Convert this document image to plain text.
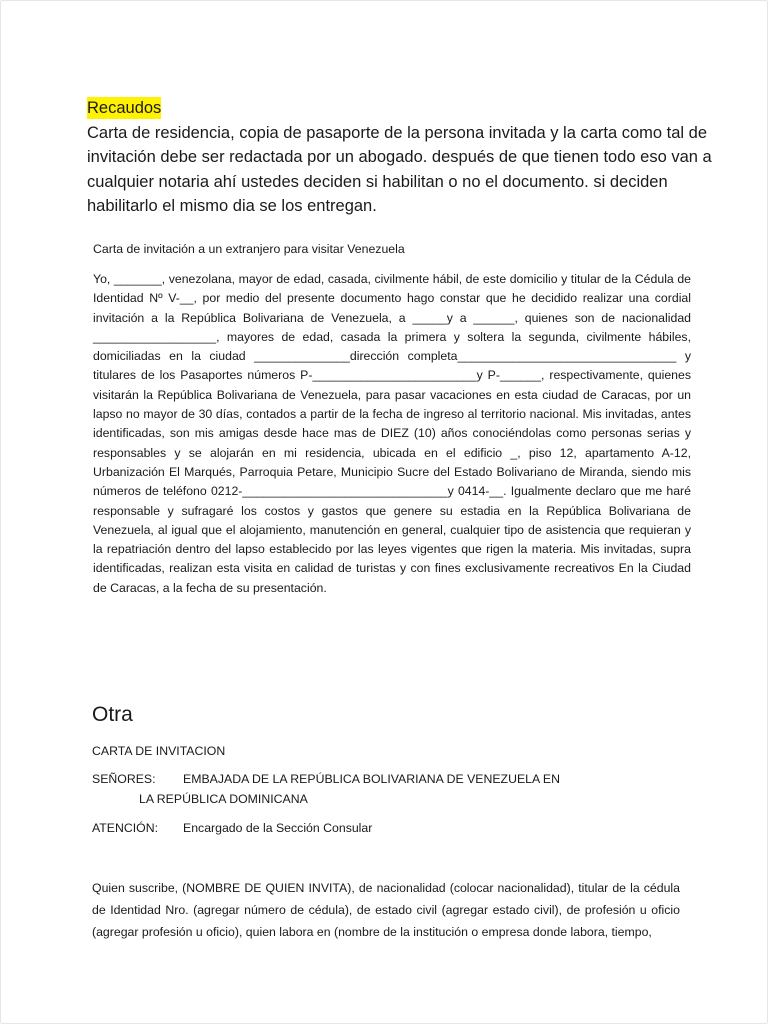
Recaudos

Carta de residencia, copia de pasaporte de la persona invitada y la carta como tal de invitación debe ser redactada por un abogado. después de que tienen todo eso van a cualquier notaria ahí ustedes deciden si habilitan o no el documento. si deciden habilitarlo el mismo dia se los entregan.

Carta de invitación a un extranjero para visitar Venezuela

Yo, _______, venezolana, mayor de edad, casada, civilmente hábil, de este domicilio y titular de la Cédula de Identidad Nº V-__, por medio del presente documento hago constar que he decidido realizar una cordial invitación a la República Bolivariana de Venezuela, a _____y a ______, quienes son de nacionalidad __________________, mayores de edad, casada la primera y soltera la segunda, civilmente hábiles, domiciliadas en la ciudad ______________dirección completa________________________________ y titulares de los Pasaportes números P-________________________y P-______, respectivamente, quienes visitarán la República Bolivariana de Venezuela, para pasar vacaciones en esta ciudad de Caracas, por un lapso no mayor de 30 días, contados a partir de la fecha de ingreso al territorio nacional. Mis invitadas, antes identificadas, son mis amigas desde hace mas de DIEZ (10) años conociéndolas como personas serias y responsables y se alojarán en mi residencia, ubicada en el edificio _, piso 12, apartamento A-12, Urbanización El Marqués, Parroquia Petare, Municipio Sucre del Estado Bolivariano de Miranda, siendo mis números de teléfono 0212-______________________________y 0414-__. Igualmente declaro que me haré responsable y sufragaré los costos y gastos que genere su estadia en la República Bolivariana de Venezuela, al igual que el alojamiento, manutención en general, cualquier tipo de asistencia que requieran y la repatriación dentro del lapso establecido por las leyes vigentes que rigen la materia. Mis invitadas, supra identificadas, realizan esta visita en calidad de turistas y con fines exclusivamente recreativos En la Ciudad de Caracas, a la fecha de su presentación.

Otra
CARTA DE INVITACION
SEÑORES: EMBAJADA DE LA REPÚBLICA BOLIVARIANA DE VENEZUELA EN
LA REPÚBLICA DOMINICANA
ATENCIÓN: Encargado de la Sección Consular

Quien suscribe, (NOMBRE DE QUIEN INVITA), de nacionalidad (colocar nacionalidad), titular de la cédula de Identidad Nro. (agregar número de cédula), de estado civil (agregar estado civil), de profesión u oficio (agregar profesión u oficio), quien labora en (nombre de la institución o empresa donde labora, tiempo,
